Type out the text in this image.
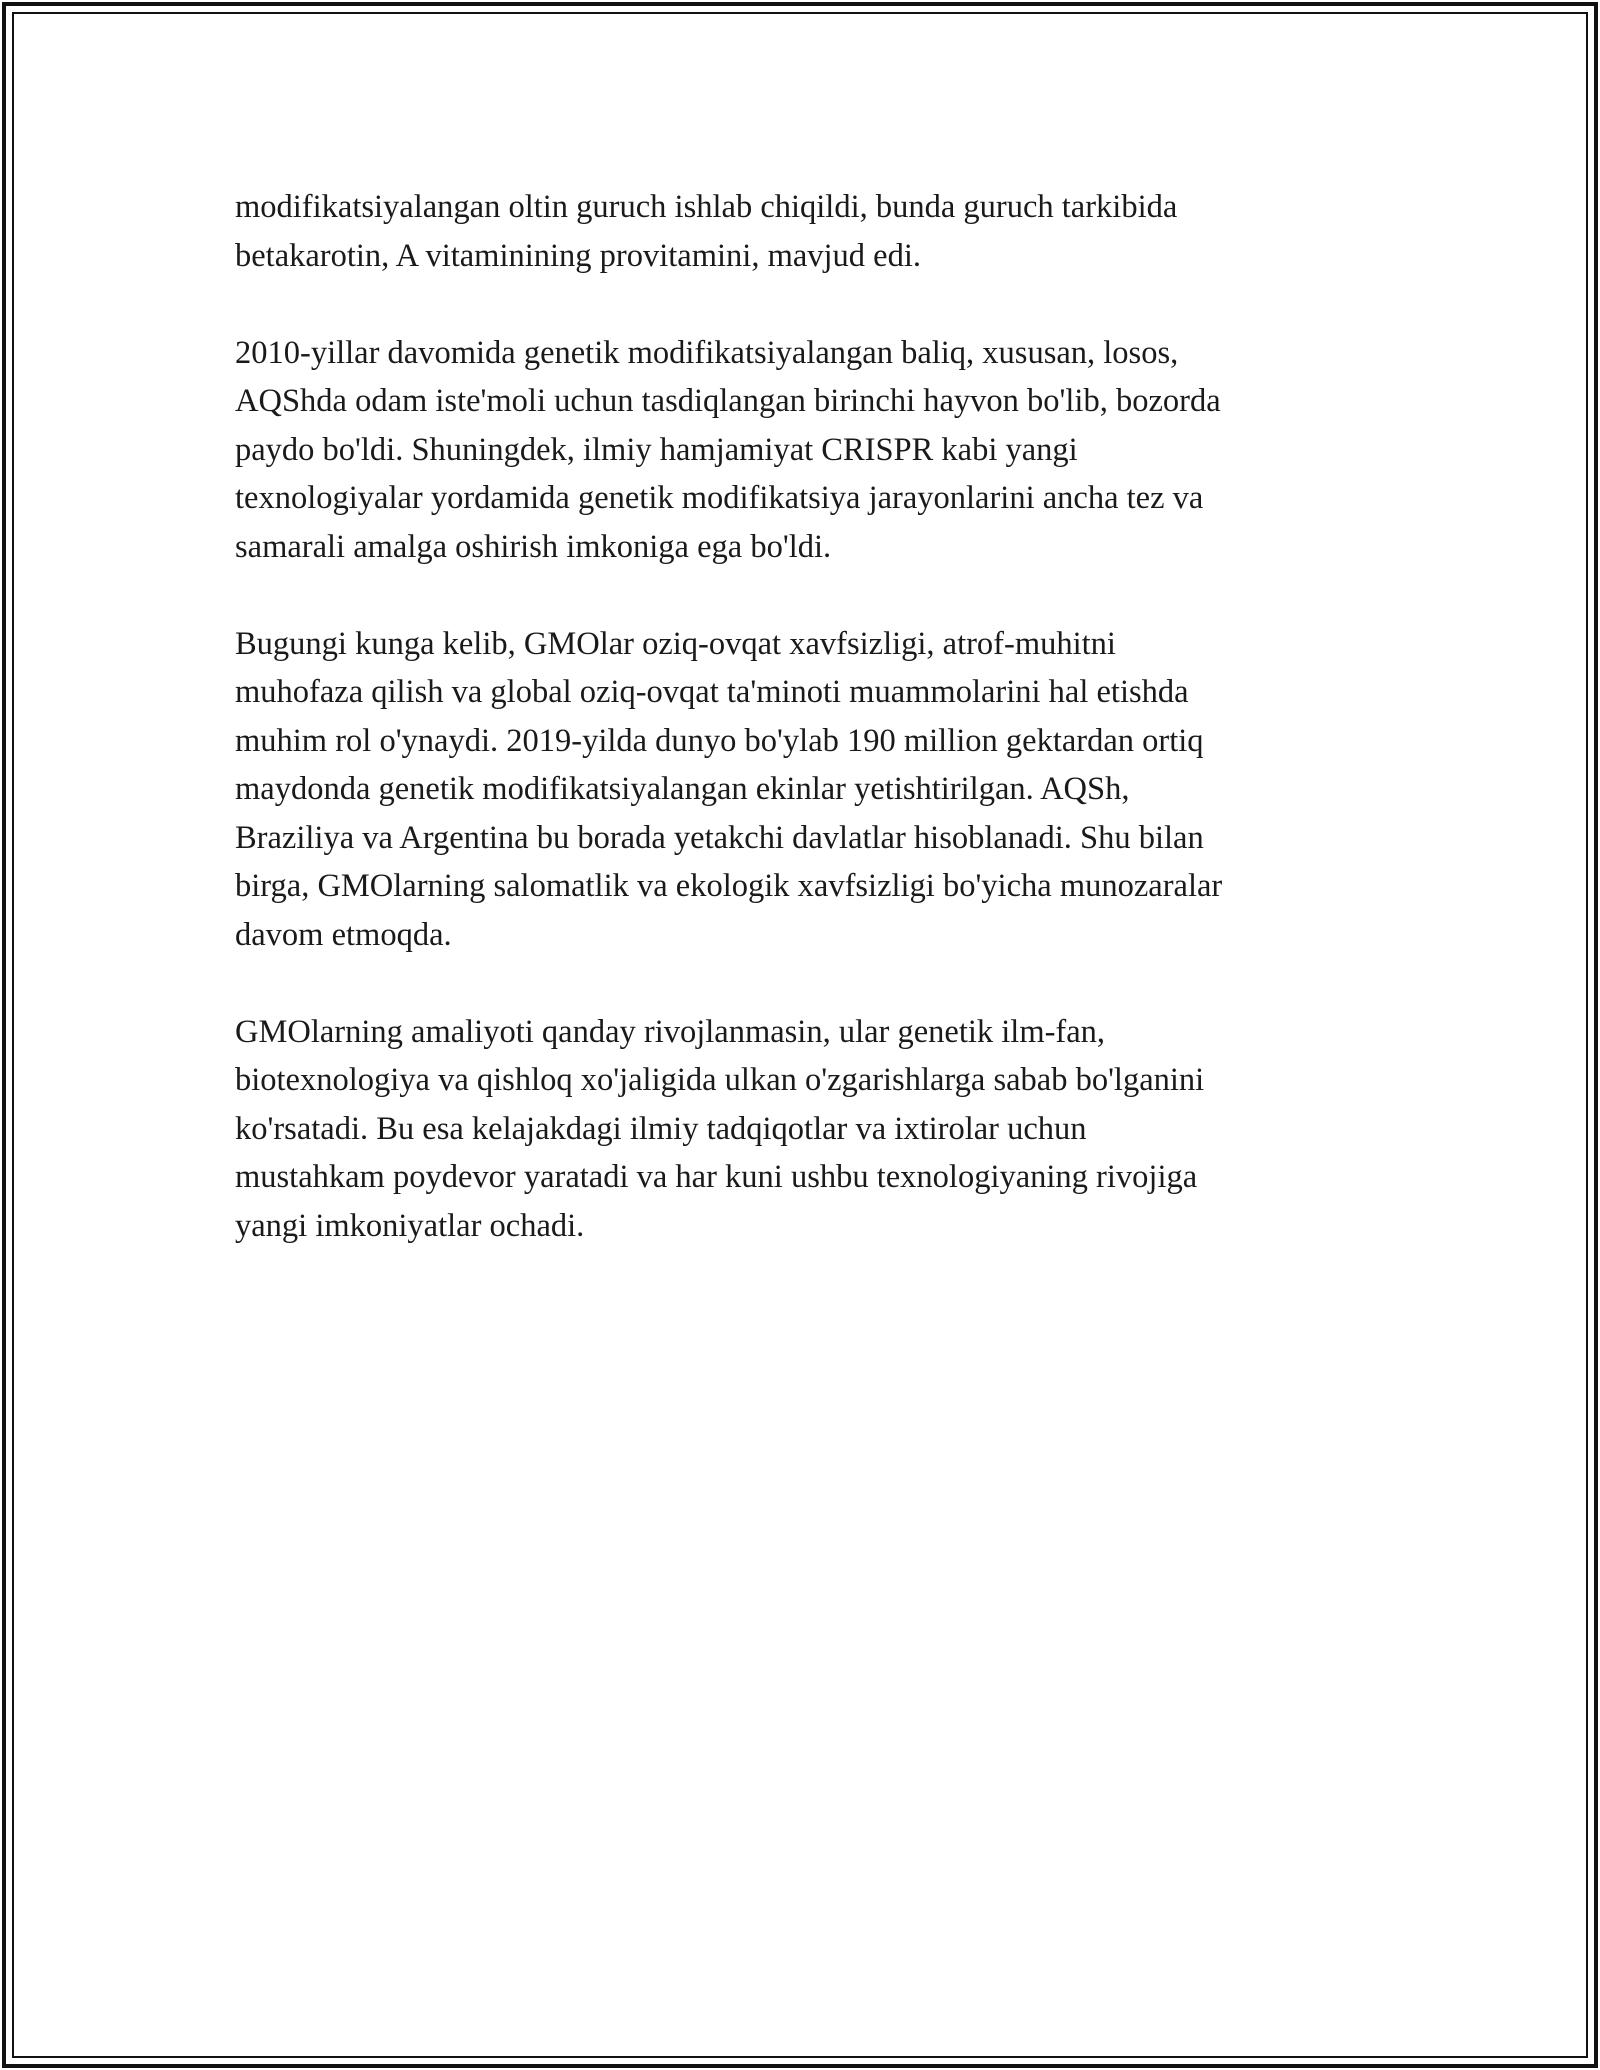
modifikatsiyalangan oltin guruch ishlab chiqildi, bunda guruch tarkibida
betakarotin, A vitaminining provitamini, mavjud edi.

2010-yillar davomida genetik modifikatsiyalangan baliq, xususan, losos,
AQShda odam iste'moli uchun tasdiqlangan birinchi hayvon bo'lib, bozorda
paydo bo'ldi. Shuningdek, ilmiy hamjamiyat CRISPR kabi yangi
texnologiyalar yordamida genetik modifikatsiya jarayonlarini ancha tez va
samarali amalga oshirish imkoniga ega bo'ldi.

Bugungi kunga kelib, GMOlar oziq-ovqat xavfsizligi, atrof-muhitni
muhofaza qilish va global oziq-ovqat ta'minoti muammolarini hal etishda
muhim rol o'ynaydi. 2019-yilda dunyo bo'ylab 190 million gektardan ortiq
maydonda genetik modifikatsiyalangan ekinlar yetishtirilgan. AQSh,
Braziliya va Argentina bu borada yetakchi davlatlar hisoblanadi. Shu bilan
birga, GMOlarning salomatlik va ekologik xavfsizligi bo'yicha munozaralar
davom etmoqda.

GMOlarning amaliyoti qanday rivojlanmasin, ular genetik ilm-fan,
biotexnologiya va qishloq xo'jaligida ulkan o'zgarishlarga sabab bo'lganini
ko'rsatadi. Bu esa kelajakdagi ilmiy tadqiqotlar va ixtirolar uchun
mustahkam poydevor yaratadi va har kuni ushbu texnologiyaning rivojiga
yangi imkoniyatlar ochadi.
